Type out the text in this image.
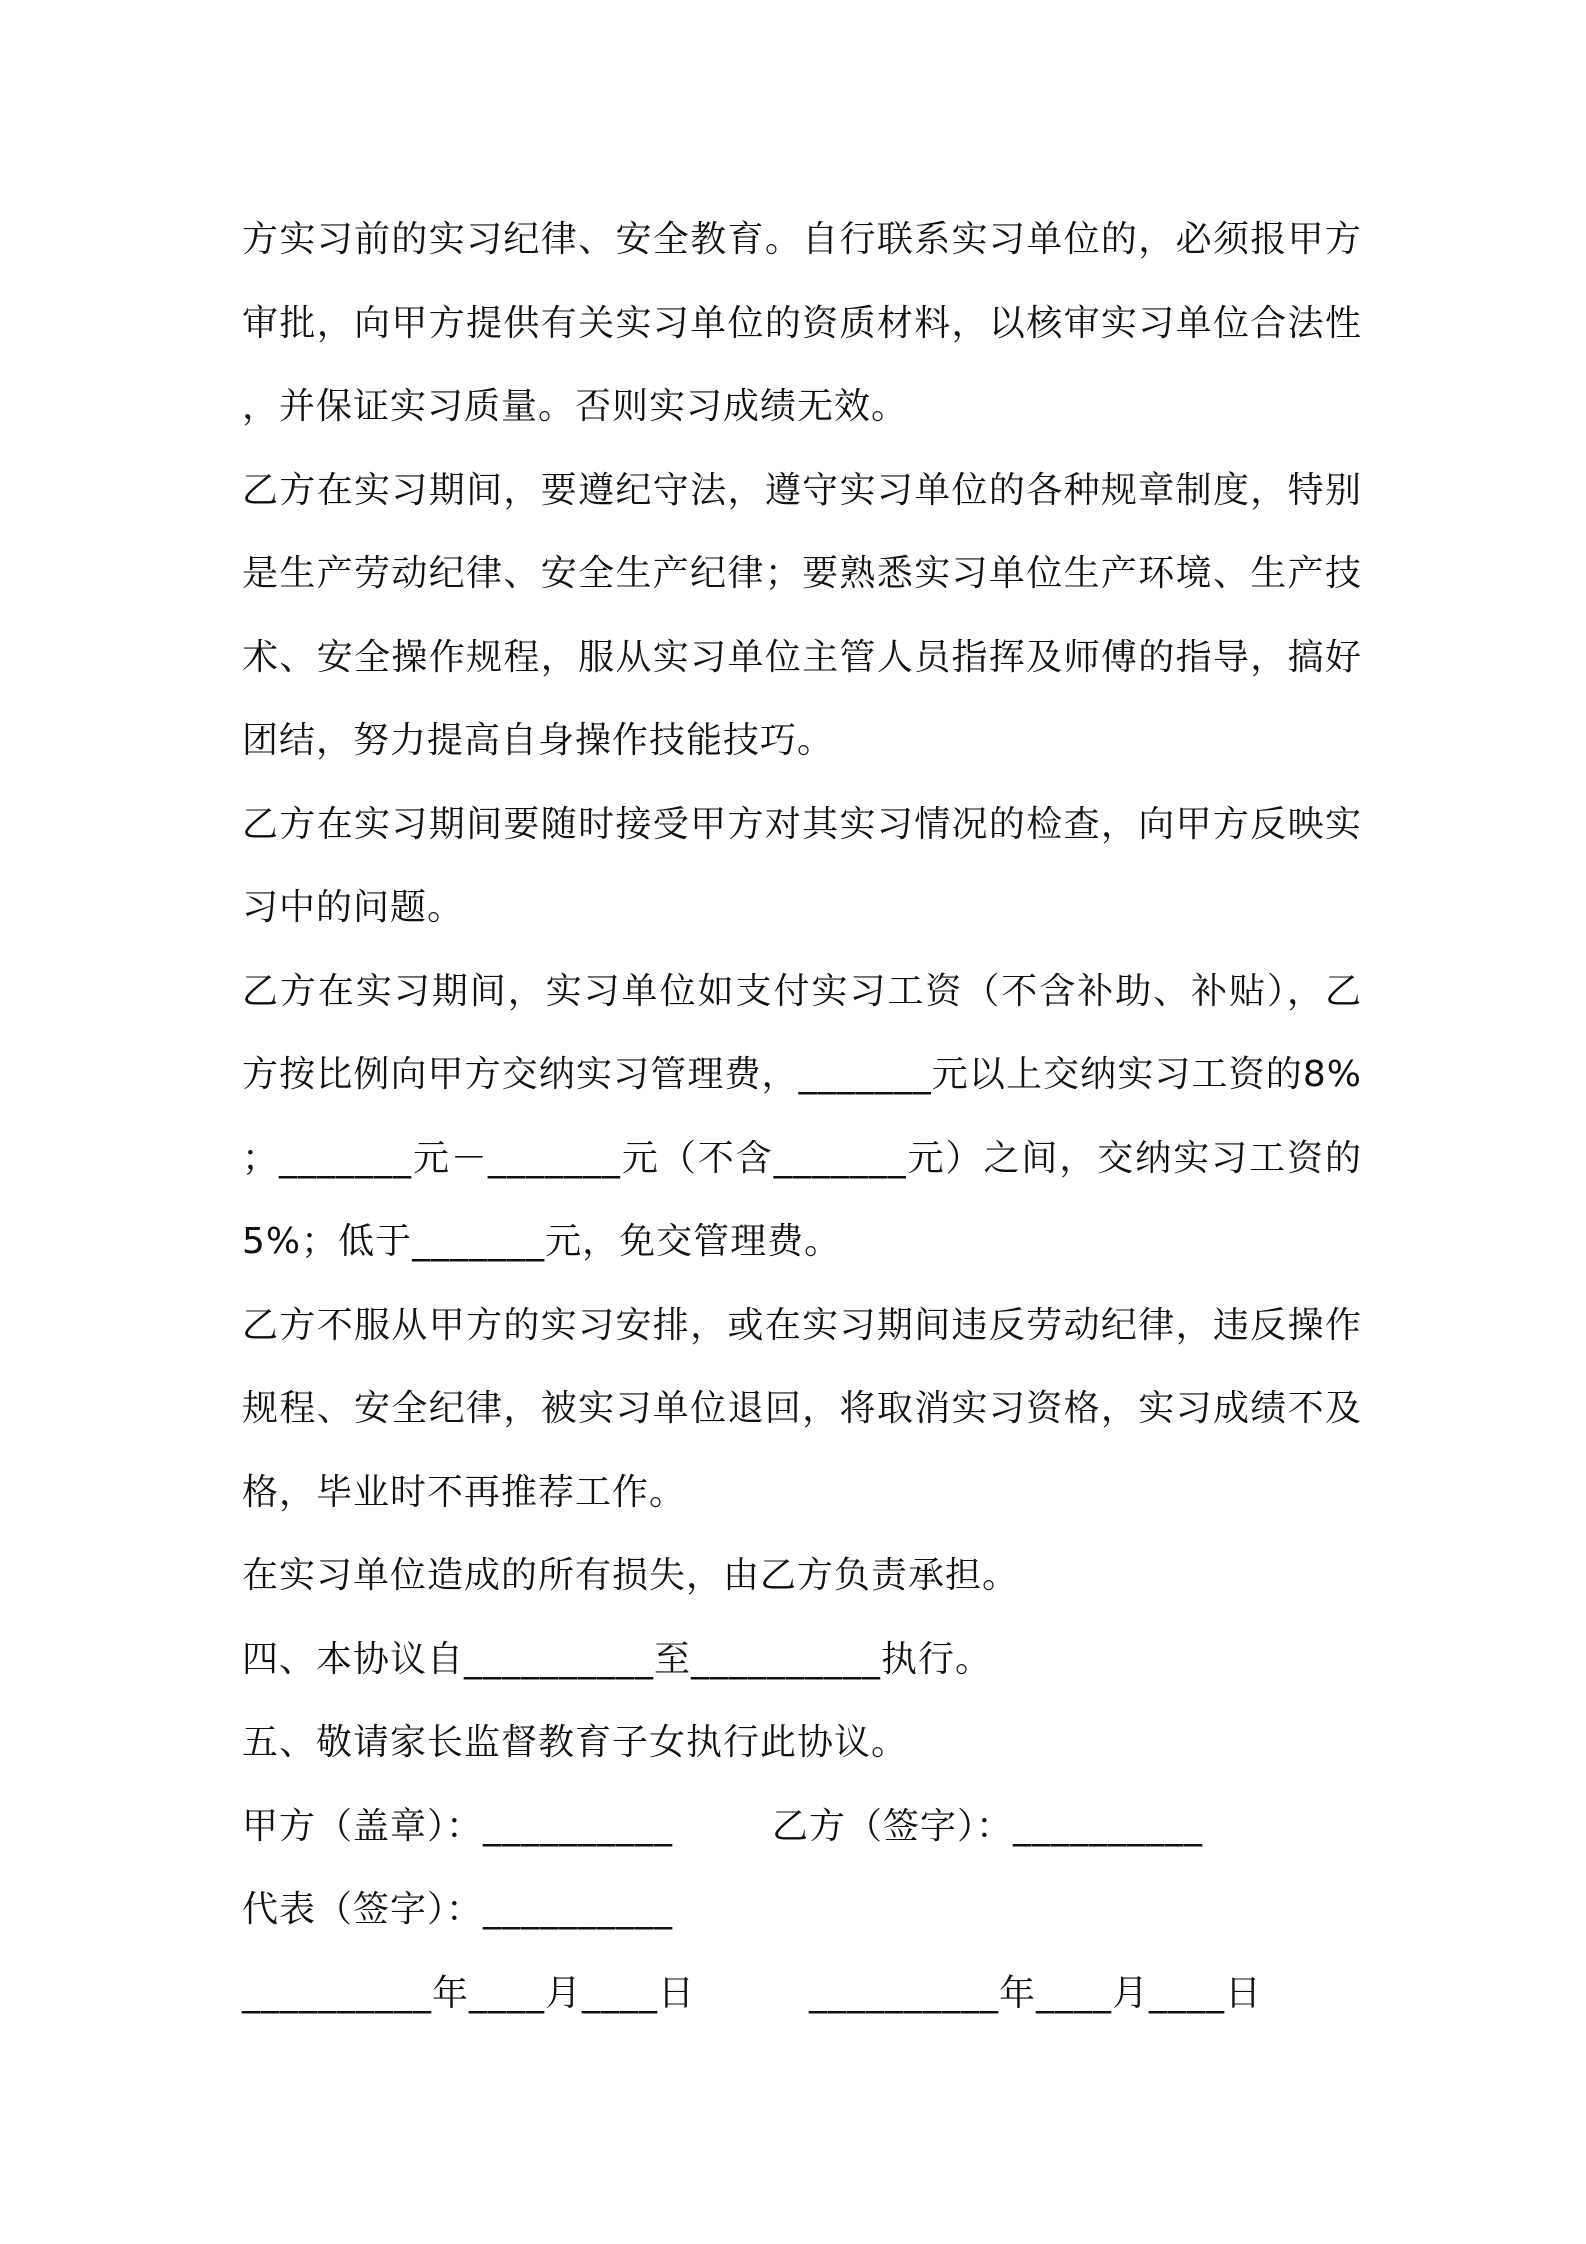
方实习前的实习纪律、安全教育。自行联系实习单位的，必须报甲方审批，向甲方提供有关实习单位的资质材料，以核审实习单位合法性，并保证实习质量。否则实习成绩无效。

乙方在实习期间，要遵纪守法，遵守实习单位的各种规章制度，特别是生产劳动纪律、安全生产纪律；要熟悉实习单位生产环境、生产技术、安全操作规程，服从实习单位主管人员指挥及师傅的指导，搞好团结，努力提高自身操作技能技巧。

乙方在实习期间要随时接受甲方对其实习情况的检查，向甲方反映实习中的问题。

乙方在实习期间，实习单位如支付实习工资（不含补助、补贴），乙方按比例向甲方交纳实习管理费，_______元以上交纳实习工资的8%；_______元－_______元（不含_______元）之间，交纳实习工资的5%；低于_______元，免交管理费。

乙方不服从甲方的实习安排，或在实习期间违反劳动纪律，违反操作规程、安全纪律，被实习单位退回，将取消实习资格，实习成绩不及格，毕业时不再推荐工作。

在实习单位造成的所有损失，由乙方负责承担。

四、本协议自__________至__________执行。

五、敬请家长监督教育子女执行此协议。

甲方（盖章）：__________	乙方（签字）：__________
代表（签字）：__________
__________年____月____日	__________年____月____日
